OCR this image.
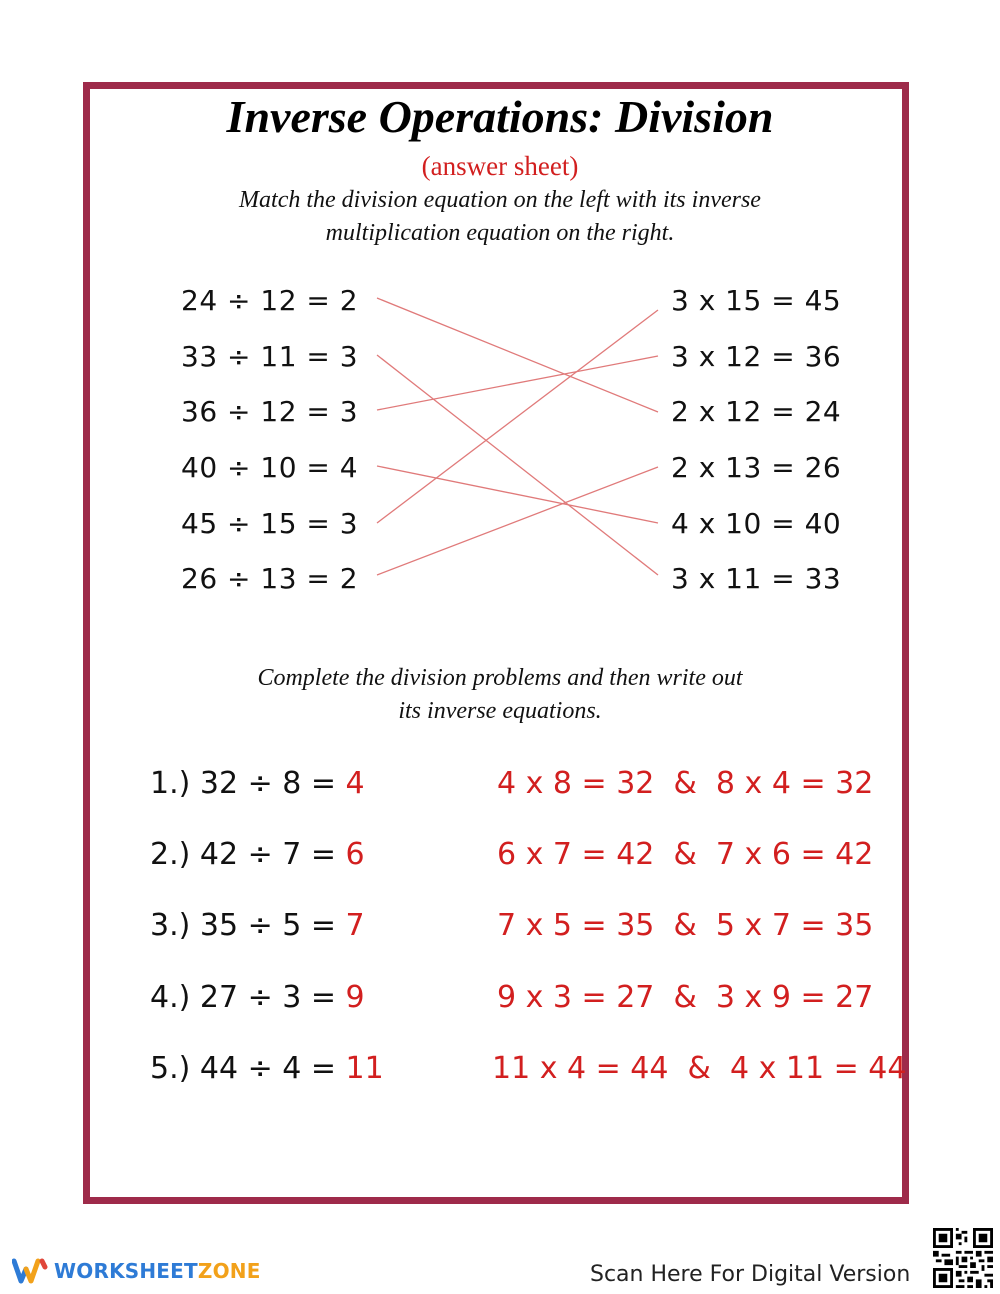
Inverse Operations: Division
(answer sheet)
Match the division equation on the left with its inverse
multiplication equation on the right.
24 ÷ 12 = 2
33 ÷ 11 = 3
36 ÷ 12 = 3
40 ÷ 10 = 4
45 ÷ 15 = 3
26 ÷ 13 = 2
3 x 15 = 45
3 x 12 = 36
2 x 12 = 24
2 x 13 = 26
4 x 10 = 40
3 x 11 = 33
Complete the division problems and then write out
its inverse equations.
1.) 32 ÷ 8 = 4	4 x 8 = 32  &  8 x 4 = 32
2.) 42 ÷ 7 = 6	6 x 7 = 42  &  7 x 6 = 42
3.) 35 ÷ 5 = 7	7 x 5 = 35  &  5 x 7 = 35
4.) 27 ÷ 3 = 9	9 x 3 = 27  &  3 x 9 = 27
5.) 44 ÷ 4 = 11	11 x 4 = 44  &  4 x 11 = 44
WORKSHEETZONE	Scan Here For Digital Version
